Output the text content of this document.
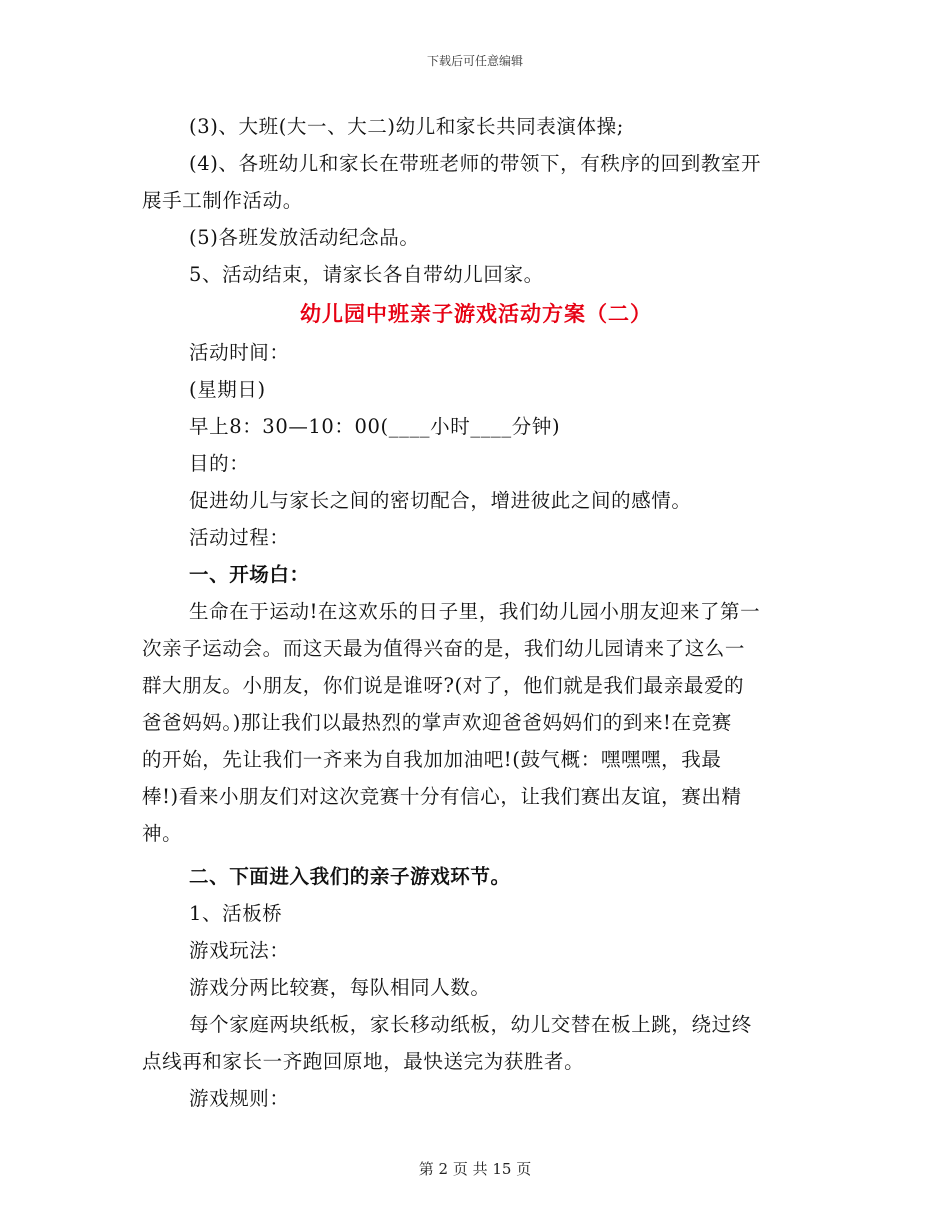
下载后可任意编辑
(3)、大班(大一、大二)幼儿和家长共同表演体操;
(4)、各班幼儿和家长在带班老师的带领下，有秩序的回到教室开
展手工制作活动。
(5)各班发放活动纪念品。
5、活动结束，请家长各自带幼儿回家。
幼儿园中班亲子游戏活动方案（二）
活动时间：
(星期日)
早上8：30—10：00(____小时____分钟)
目的：
促进幼儿与家长之间的密切配合，增进彼此之间的感情。
活动过程：
一、开场白：
生命在于运动!在这欢乐的日子里，我们幼儿园小朋友迎来了第一
次亲子运动会。而这天最为值得兴奋的是，我们幼儿园请来了这么一
群大朋友。小朋友，你们说是谁呀?(对了，他们就是我们最亲最爱的
爸爸妈妈。)那让我们以最热烈的掌声欢迎爸爸妈妈们的到来!在竞赛
的开始，先让我们一齐来为自我加加油吧!(鼓气概：嘿嘿嘿，我最
棒!)看来小朋友们对这次竞赛十分有信心，让我们赛出友谊，赛出精
神。
二、下面进入我们的亲子游戏环节。
1、活板桥
游戏玩法：
游戏分两比较赛，每队相同人数。
每个家庭两块纸板，家长移动纸板，幼儿交替在板上跳，绕过终
点线再和家长一齐跑回原地，最快送完为获胜者。
游戏规则：
第 2 页 共 15 页
